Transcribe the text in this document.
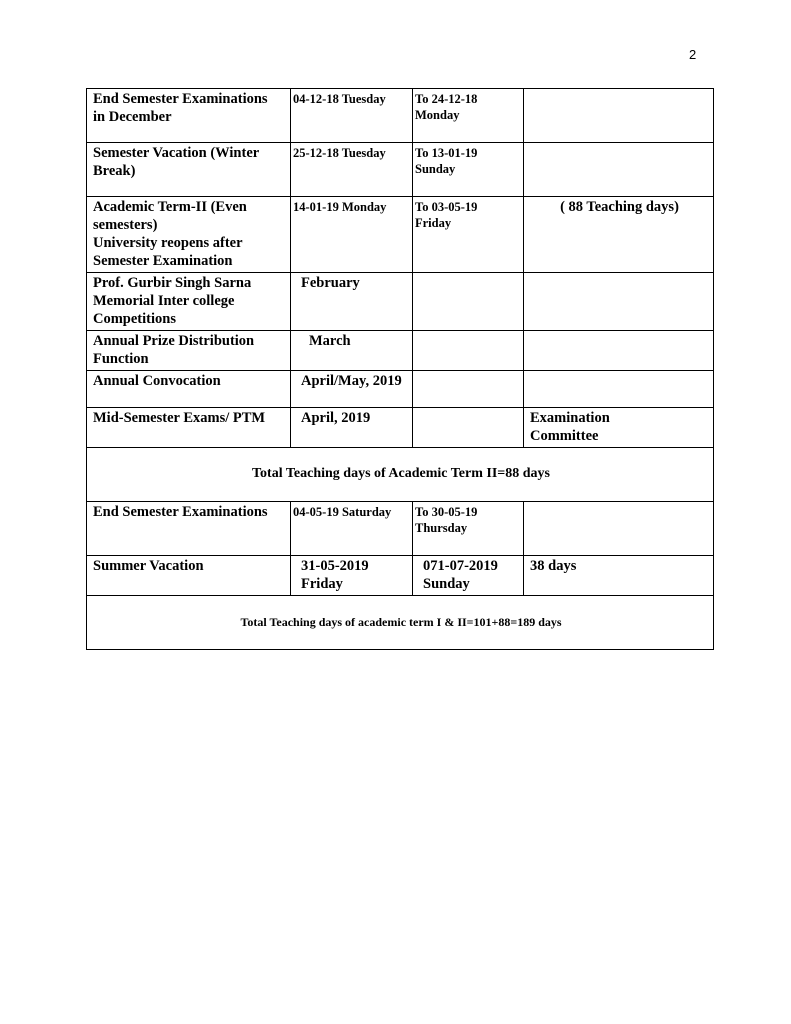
2
End Semester Examinations
in December	04-12-18 Tuesday	To 24-12-18
Monday	

Semester Vacation (Winter
Break)	25-12-18 Tuesday	To 13-01-19
Sunday	

Academic Term-II (Even
semesters)
University reopens after
Semester Examination	14-01-19 Monday	To 03-05-19
Friday	( 88 Teaching days)

Prof. Gurbir Singh Sarna
Memorial Inter college
Competitions	February		

Annual Prize Distribution
Function	March		
Annual Convocation	April/May, 2019		
Mid-Semester Exams/ PTM	April, 2019		Examination
Committee

Total Teaching days of Academic Term II=88 days			
End Semester Examinations	04-05-19 Saturday	To 30-05-19
Thursday	

Summer Vacation	31-05-2019
Friday	071-07-2019
Sunday	38 days
Total Teaching days of academic term I & II=101+88=189 days			
